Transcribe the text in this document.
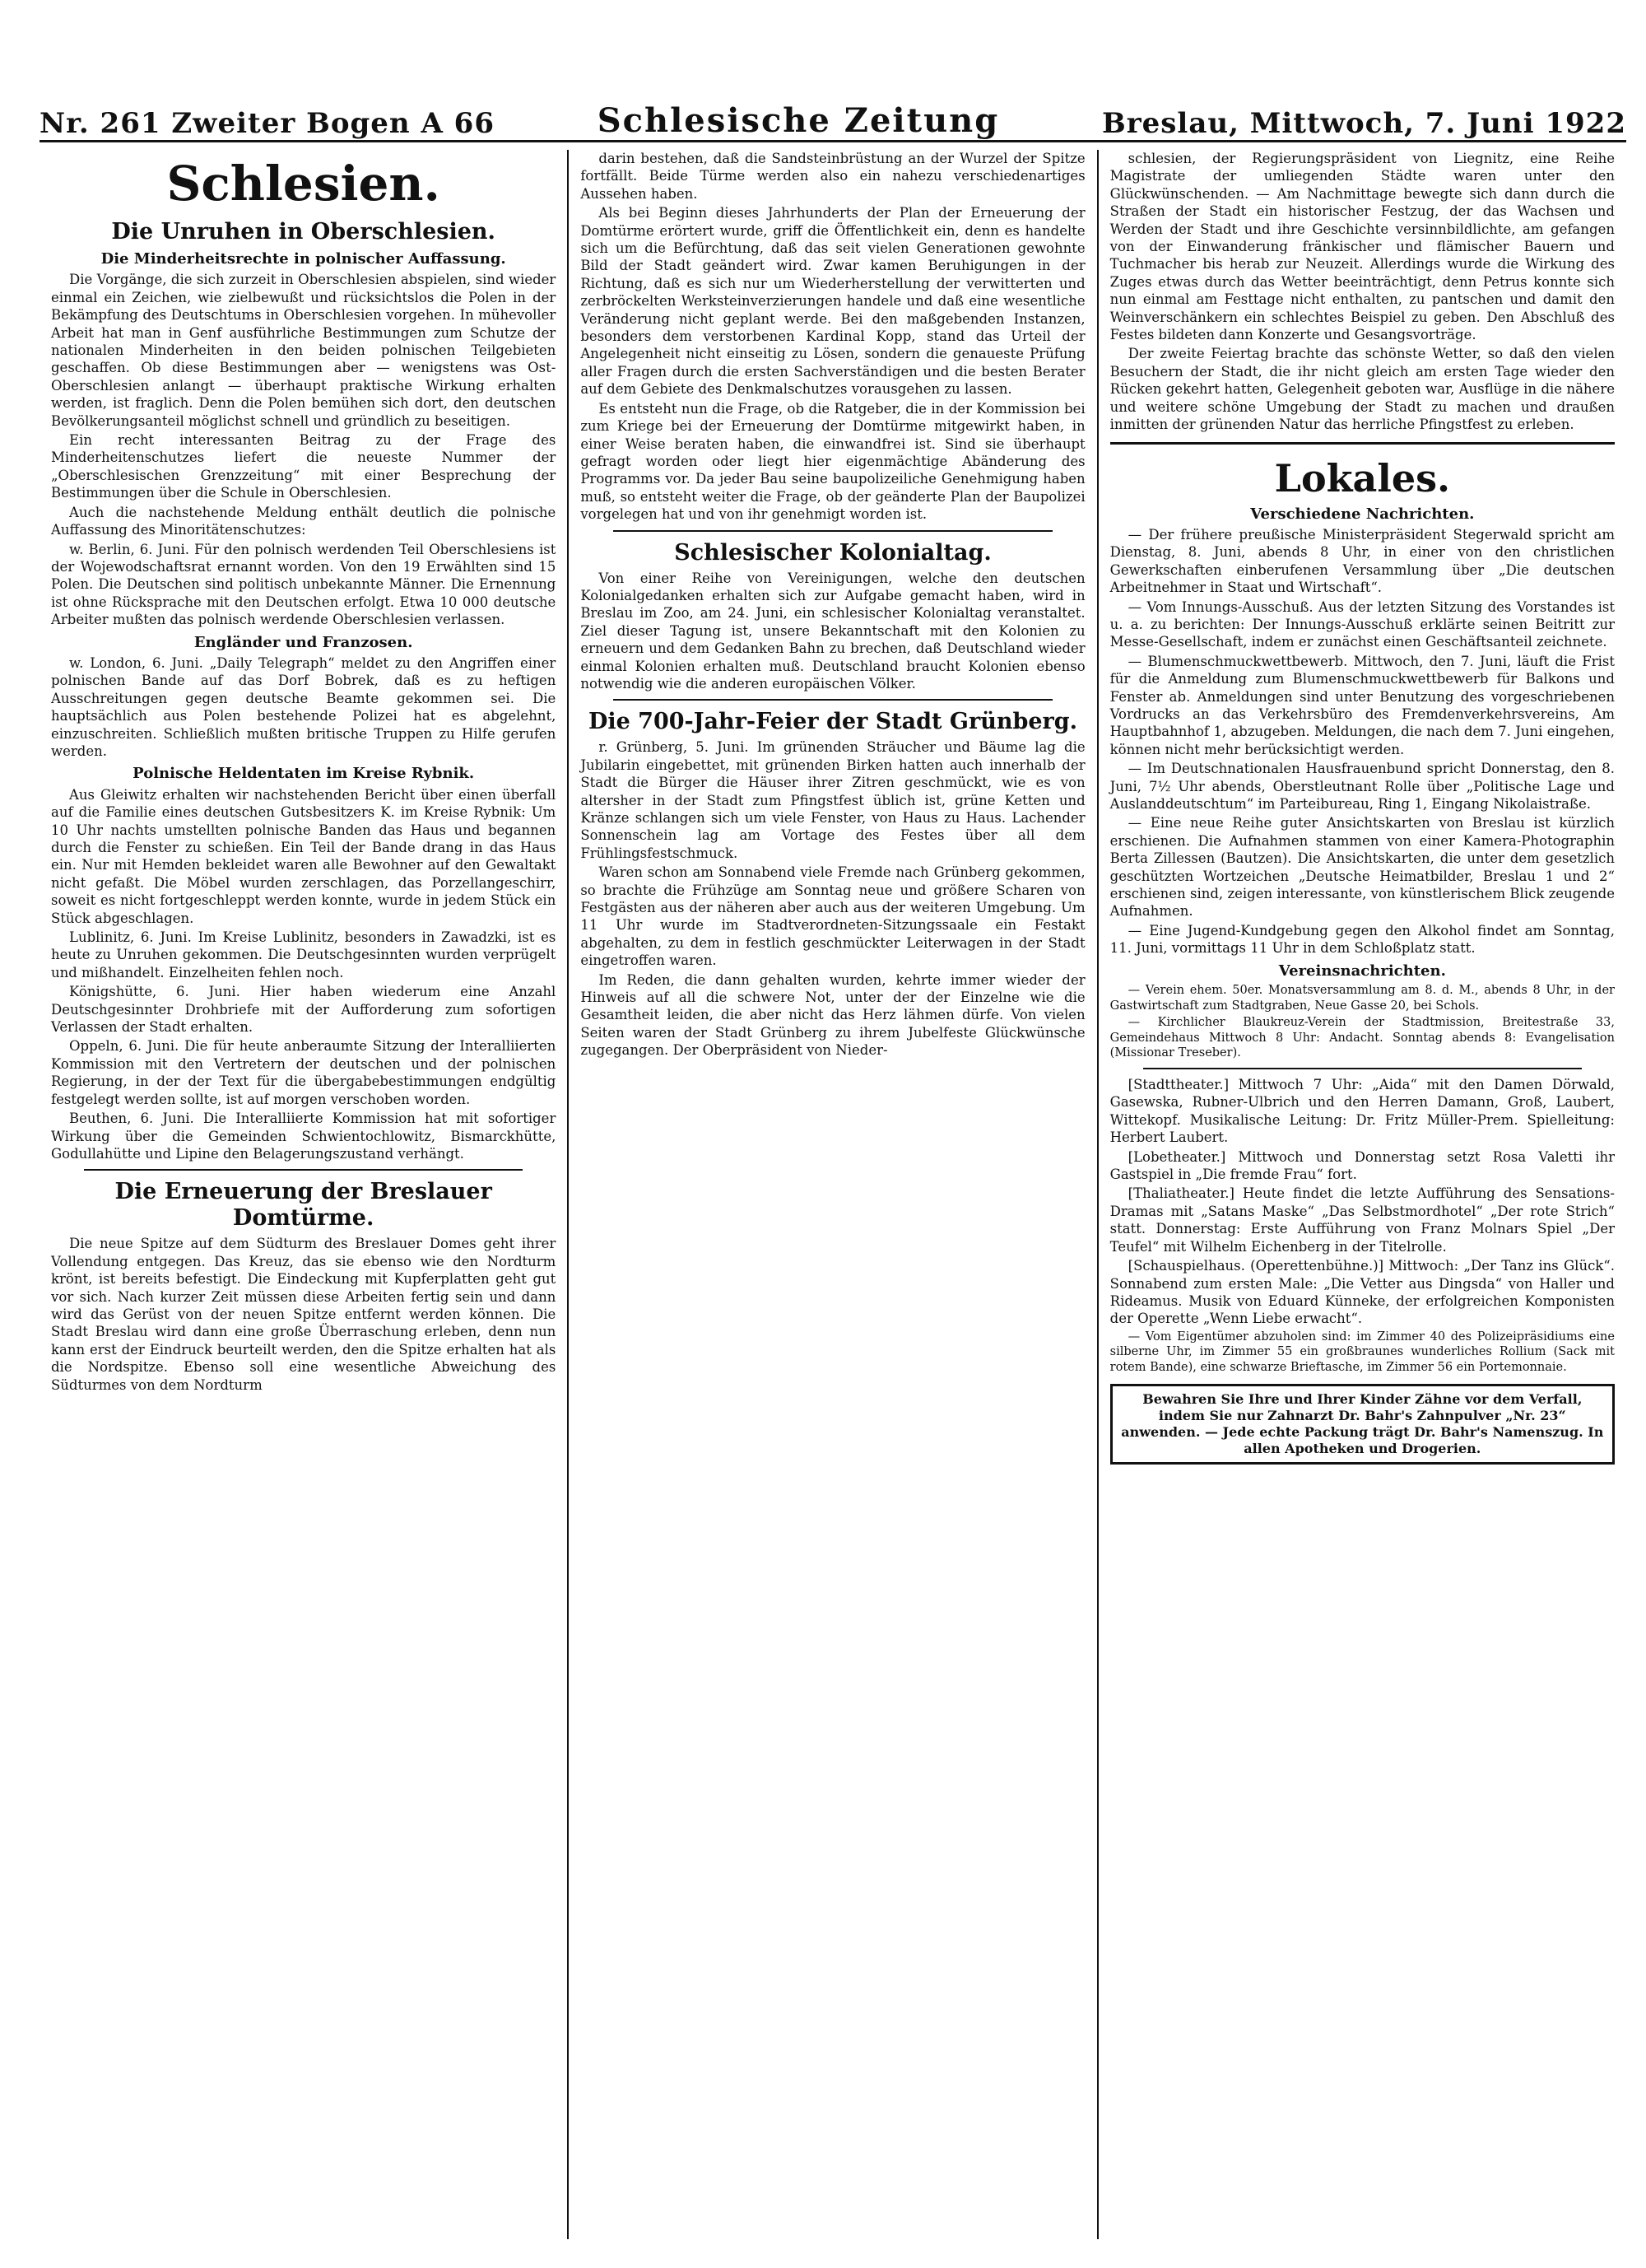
Nr. 261 Zweiter Bogen A 66	Schlesische Zeitung	Breslau, Mittwoch, 7. Juni 1922
Schlesien.
Die Unruhen in Oberschlesien.
Die Minderheitsrechte in polnischer Auffassung.

Die Vorgänge, die sich zurzeit in Oberschlesien abspielen, sind wieder einmal ein Zeichen, wie zielbewußt und rücksichtslos die Polen in der Bekämpfung des Deutschtums in Oberschlesien vorgehen. In mühevoller Arbeit hat man in Genf ausführliche Bestimmungen zum Schutze der nationalen Minderheiten in den beiden polnischen Teilgebieten geschaffen. Ob diese Bestimmungen aber — wenigstens was Ost-Oberschlesien anlangt — überhaupt praktische Wirkung erhalten werden, ist fraglich. Denn die Polen bemühen sich dort, den deutschen Bevölkerungsanteil möglichst schnell und gründlich zu beseitigen.

Ein recht interessanten Beitrag zu der Frage des Minderheitenschutzes liefert die neueste Nummer der „Oberschlesischen Grenzzeitung“ mit einer Besprechung der Bestimmungen über die Schule in Oberschlesien.

Auch die nachstehende Meldung enthält deutlich die polnische Auffassung des Minoritätenschutzes:

w. Berlin, 6. Juni. Für den polnisch werdenden Teil Oberschlesiens ist der Wojewodschaftsrat ernannt worden. Von den 19 Erwählten sind 15 Polen. Die Deutschen sind politisch unbekannte Männer. Die Ernennung ist ohne Rücksprache mit den Deutschen erfolgt. Etwa 10 000 deutsche Arbeiter mußten das polnisch werdende Oberschlesien verlassen.

Engländer und Franzosen.

w. London, 6. Juni. „Daily Telegraph“ meldet zu den Angriffen einer polnischen Bande auf das Dorf Bobrek, daß es zu heftigen Ausschreitungen gegen deutsche Beamte gekommen sei. Die hauptsächlich aus Polen bestehende Polizei hat es abgelehnt, einzuschreiten. Schließlich mußten britische Truppen zu Hilfe gerufen werden.

Polnische Heldentaten im Kreise Rybnik.

Aus Gleiwitz erhalten wir nachstehenden Bericht über einen überfall auf die Familie eines deutschen Gutsbesitzers K. im Kreise Rybnik: Um 10 Uhr nachts umstellten polnische Banden das Haus und begannen durch die Fenster zu schießen. Ein Teil der Bande drang in das Haus ein. Nur mit Hemden bekleidet waren alle Bewohner auf den Gewaltakt nicht gefaßt. Die Möbel wurden zerschlagen, das Porzellangeschirr, soweit es nicht fortgeschleppt werden konnte, wurde in jedem Stück ein Stück abgeschlagen.

Lublinitz, 6. Juni. Im Kreise Lublinitz, besonders in Zawadzki, ist es heute zu Unruhen gekommen. Die Deutschgesinnten wurden verprügelt und mißhandelt. Einzelheiten fehlen noch.

Königshütte, 6. Juni. Hier haben wiederum eine Anzahl Deutschgesinnter Drohbriefe mit der Aufforderung zum sofortigen Verlassen der Stadt erhalten.

Oppeln, 6. Juni. Die für heute anberaumte Sitzung der Interalliierten Kommission mit den Vertretern der deutschen und der polnischen Regierung, in der der Text für die übergabebestimmungen endgültig festgelegt werden sollte, ist auf morgen verschoben worden.

Beuthen, 6. Juni. Die Interalliierte Kommission hat mit sofortiger Wirkung über die Gemeinden Schwientochlowitz, Bismarckhütte, Godullahütte und Lipine den Belagerungszustand verhängt.

Die Erneuerung der Breslauer Domtürme.

Die neue Spitze auf dem Südturm des Breslauer Domes geht ihrer Vollendung entgegen. Das Kreuz, das sie ebenso wie den Nordturm krönt, ist bereits befestigt. Die Eindeckung mit Kupferplatten geht gut vor sich. Nach kurzer Zeit müssen diese Arbeiten fertig sein und dann wird das Gerüst von der neuen Spitze entfernt werden können. Die Stadt Breslau wird dann eine große Überraschung erleben, denn nun kann erst der Eindruck beurteilt werden, den die Spitze erhalten hat als die Nordspitze. Ebenso soll eine wesentliche Abweichung des Südturmes von dem Nordturm

darin bestehen, daß die Sandsteinbrüstung an der Wurzel der Spitze fortfällt. Beide Türme werden also ein nahezu verschiedenartiges Aussehen haben.

Als bei Beginn dieses Jahrhunderts der Plan der Erneuerung der Domtürme erörtert wurde, griff die Öffentlichkeit ein, denn es handelte sich um die Befürchtung, daß das seit vielen Generationen gewohnte Bild der Stadt geändert wird. Zwar kamen Beruhigungen in der Richtung, daß es sich nur um Wiederherstellung der verwitterten und zerbröckelten Werksteinverzierungen handele und daß eine wesentliche Veränderung nicht geplant werde. Bei den maßgebenden Instanzen, besonders dem verstorbenen Kardinal Kopp, stand das Urteil der Angelegenheit nicht einseitig zu Lösen, sondern die genaueste Prüfung aller Fragen durch die ersten Sachverständigen und die besten Berater auf dem Gebiete des Denkmalschutzes vorausgehen zu lassen.

Es entsteht nun die Frage, ob die Ratgeber, die in der Kommission bei zum Kriege bei der Erneuerung der Domtürme mitgewirkt haben, in einer Weise beraten haben, die einwandfrei ist. Sind sie überhaupt gefragt worden oder liegt hier eigenmächtige Abänderung des Programms vor. Da jeder Bau seine baupolizeiliche Genehmigung haben muß, so entsteht weiter die Frage, ob der geänderte Plan der Baupolizei vorgelegen hat und von ihr genehmigt worden ist.

Schlesischer Kolonialtag.

Von einer Reihe von Vereinigungen, welche den deutschen Kolonialgedanken erhalten sich zur Aufgabe gemacht haben, wird in Breslau im Zoo, am 24. Juni, ein schlesischer Kolonialtag veranstaltet. Ziel dieser Tagung ist, unsere Bekanntschaft mit den Kolonien zu erneuern und dem Gedanken Bahn zu brechen, daß Deutschland wieder einmal Kolonien erhalten muß. Deutschland braucht Kolonien ebenso notwendig wie die anderen europäischen Völker.

Die 700-Jahr-Feier der Stadt Grünberg.

r. Grünberg, 5. Juni. Im grünenden Sträucher und Bäume lag die Jubilarin eingebettet, mit grünenden Birken hatten auch innerhalb der Stadt die Bürger die Häuser ihrer Zitren geschmückt, wie es von altersher in der Stadt zum Pfingstfest üblich ist, grüne Ketten und Kränze schlangen sich um viele Fenster, von Haus zu Haus. Lachender Sonnenschein lag am Vortage des Festes über all dem Frühlingsfestschmuck.

Waren schon am Sonnabend viele Fremde nach Grünberg gekommen, so brachte die Frühzüge am Sonntag neue und größere Scharen von Festgästen aus der näheren aber auch aus der weiteren Umgebung. Um 11 Uhr wurde im Stadtverordneten-Sitzungssaale ein Festakt abgehalten, zu dem in festlich geschmückter Leiterwagen in der Stadt eingetroffen waren.

Im Reden, die dann gehalten wurden, kehrte immer wieder der Hinweis auf all die schwere Not, unter der der Einzelne wie die Gesamtheit leiden, die aber nicht das Herz lähmen dürfe. Von vielen Seiten waren der Stadt Grünberg zu ihrem Jubelfeste Glückwünsche zugegangen. Der Oberpräsident von Nieder-

schlesien, der Regierungspräsident von Liegnitz, eine Reihe Magistrate der umliegenden Städte waren unter den Glückwünschenden. — Am Nachmittage bewegte sich dann durch die Straßen der Stadt ein historischer Festzug, der das Wachsen und Werden der Stadt und ihre Geschichte versinnbildlichte, am gefangen von der Einwanderung fränkischer und flämischer Bauern und Tuchmacher bis herab zur Neuzeit. Allerdings wurde die Wirkung des Zuges etwas durch das Wetter beeinträchtigt, denn Petrus konnte sich nun einmal am Festtage nicht enthalten, zu pantschen und damit den Weinverschänkern ein schlechtes Beispiel zu geben. Den Abschluß des Festes bildeten dann Konzerte und Gesangsvorträge.

Der zweite Feiertag brachte das schönste Wetter, so daß den vielen Besuchern der Stadt, die ihr nicht gleich am ersten Tage wieder den Rücken gekehrt hatten, Gelegenheit geboten war, Ausflüge in die nähere und weitere schöne Umgebung der Stadt zu machen und draußen inmitten der grünenden Natur das herrliche Pfingstfest zu erleben.

Lokales.
Verschiedene Nachrichten.

— Der frühere preußische Ministerpräsident Stegerwald spricht am Dienstag, 8. Juni, abends 8 Uhr, in einer von den christlichen Gewerkschaften einberufenen Versammlung über „Die deutschen Arbeitnehmer in Staat und Wirtschaft“.

— Vom Innungs-Ausschuß. Aus der letzten Sitzung des Vorstandes ist u. a. zu berichten: Der Innungs-Ausschuß erklärte seinen Beitritt zur Messe-Gesellschaft, indem er zunächst einen Geschäftsanteil zeichnete.

— Blumenschmuckwettbewerb. Mittwoch, den 7. Juni, läuft die Frist für die Anmeldung zum Blumenschmuckwettbewerb für Balkons und Fenster ab. Anmeldungen sind unter Benutzung des vorgeschriebenen Vordrucks an das Verkehrsbüro des Fremdenverkehrsvereins, Am Hauptbahnhof 1, abzugeben. Meldungen, die nach dem 7. Juni eingehen, können nicht mehr berücksichtigt werden.

— Im Deutschnationalen Hausfrauenbund spricht Donnerstag, den 8. Juni, 7½ Uhr abends, Oberstleutnant Rolle über „Politische Lage und Auslanddeutschtum“ im Parteibureau, Ring 1, Eingang Nikolaistraße.

— Eine neue Reihe guter Ansichtskarten von Breslau ist kürzlich erschienen. Die Aufnahmen stammen von einer Kamera-Photographin Berta Zillessen (Bautzen). Die Ansichtskarten, die unter dem gesetzlich geschützten Wortzeichen „Deutsche Heimatbilder, Breslau 1 und 2“ erschienen sind, zeigen interessante, von künstlerischem Blick zeugende Aufnahmen.

— Eine Jugend-Kundgebung gegen den Alkohol findet am Sonntag, 11. Juni, vormittags 11 Uhr in dem Schloßplatz statt.

Vereinsnachrichten.

— Verein ehem. 50er. Monatsversammlung am 8. d. M., abends 8 Uhr, in der Gastwirtschaft zum Stadtgraben, Neue Gasse 20, bei Schols.

— Kirchlicher Blaukreuz-Verein der Stadtmission, Breitestraße 33, Gemeindehaus Mittwoch 8 Uhr: Andacht. Sonntag abends 8: Evangelisation (Missionar Treseber).

[Stadttheater.] Mittwoch 7 Uhr: „Aida“ mit den Damen Dörwald, Gasewska, Rubner-Ulbrich und den Herren Damann, Groß, Laubert, Wittekopf. Musikalische Leitung: Dr. Fritz Müller-Prem. Spielleitung: Herbert Laubert.

[Lobetheater.] Mittwoch und Donnerstag setzt Rosa Valetti ihr Gastspiel in „Die fremde Frau“ fort.

[Thaliatheater.] Heute findet die letzte Aufführung des Sensations-Dramas mit „Satans Maske“ „Das Selbstmordhotel“ „Der rote Strich“ statt. Donnerstag: Erste Aufführung von Franz Molnars Spiel „Der Teufel“ mit Wilhelm Eichenberg in der Titelrolle.

[Schauspielhaus. (Operettenbühne.)] Mittwoch: „Der Tanz ins Glück“. Sonnabend zum ersten Male: „Die Vetter aus Dingsda“ von Haller und Rideamus. Musik von Eduard Künneke, der erfolgreichen Komponisten der Operette „Wenn Liebe erwacht“.

— Vom Eigentümer abzuholen sind: im Zimmer 40 des Polizeipräsidiums eine silberne Uhr, im Zimmer 55 ein großbraunes wunderliches Rollium (Sack mit rotem Bande), eine schwarze Brieftasche, im Zimmer 56 ein Portemonnaie.

Bewahren Sie Ihre und Ihrer Kinder Zähne vor dem Verfall, indem Sie nur Zahnarzt Dr. Bahr's Zahnpulver „Nr. 23“ anwenden. — Jede echte Packung trägt Dr. Bahr's Namenszug. In allen Apotheken und Drogerien.
